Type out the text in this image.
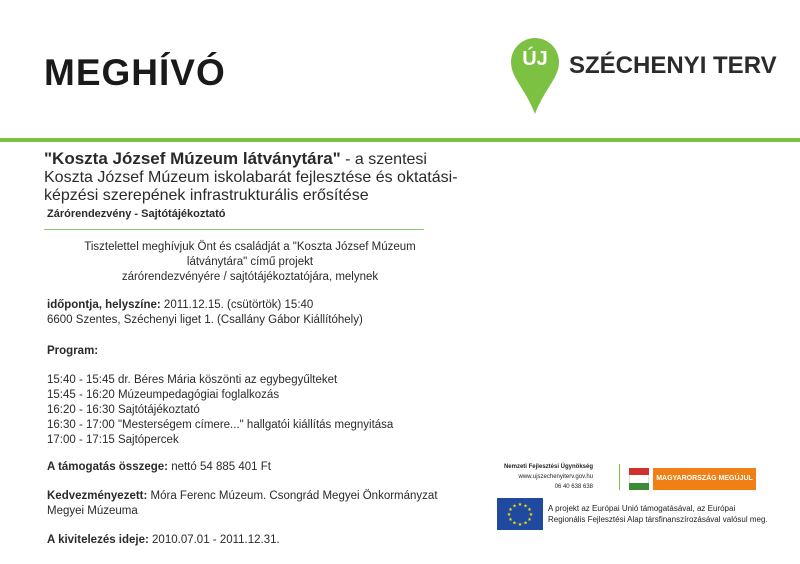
MEGHÍVÓ	ÚJ SZÉCHENYI TERV
"Koszta József Múzeum látványtára" - a szentesi Koszta József Múzeum iskolabarát fejlesztése és oktatási-képzési szerepének infrastrukturális erősítése
Zárórendezvény - Sajtótájékoztató
Tisztelettel meghívjuk Önt és családját a "Koszta József Múzeum
látványtára" című projekt
zárórendezvényére / sajtótájékoztatójára, melynek
időpontja, helyszíne: 2011.12.15. (csütörtök) 15:40
6600 Szentes, Széchenyi liget 1. (Csallány Gábor Kiállítóhely)
Program:
15:40 - 15:45 dr. Béres Mária köszönti az egybegyűlteket
15:45 - 16:20 Múzeumpedagógiai foglalkozás
16:20 - 16:30 Sajtótájékoztató
16:30 - 17:00 "Mesterségem címere..." hallgatói kiállítás megnyitása
17:00 - 17:15 Sajtópercek
A támogatás összege: nettó 54 885 401 Ft
Kedvezményezett: Móra Ferenc Múzeum. Csongrád Megyei Önkormányzat
Megyei Múzeuma
A kivitelezés ideje: 2010.07.01 - 2011.12.31.
Nemzeti Fejlesztési Ügynökség
www.ujszechenyiterv.gov.hu
06 40 638 638
MAGYARORSZÁG MEGÚJUL
★ ★
★
★
★
★
★
★
★
★
★
★	A projekt az Európai Unió támogatásával, az Európai
Regionális Fejlesztési Alap társfinanszírozásával valósul meg.
